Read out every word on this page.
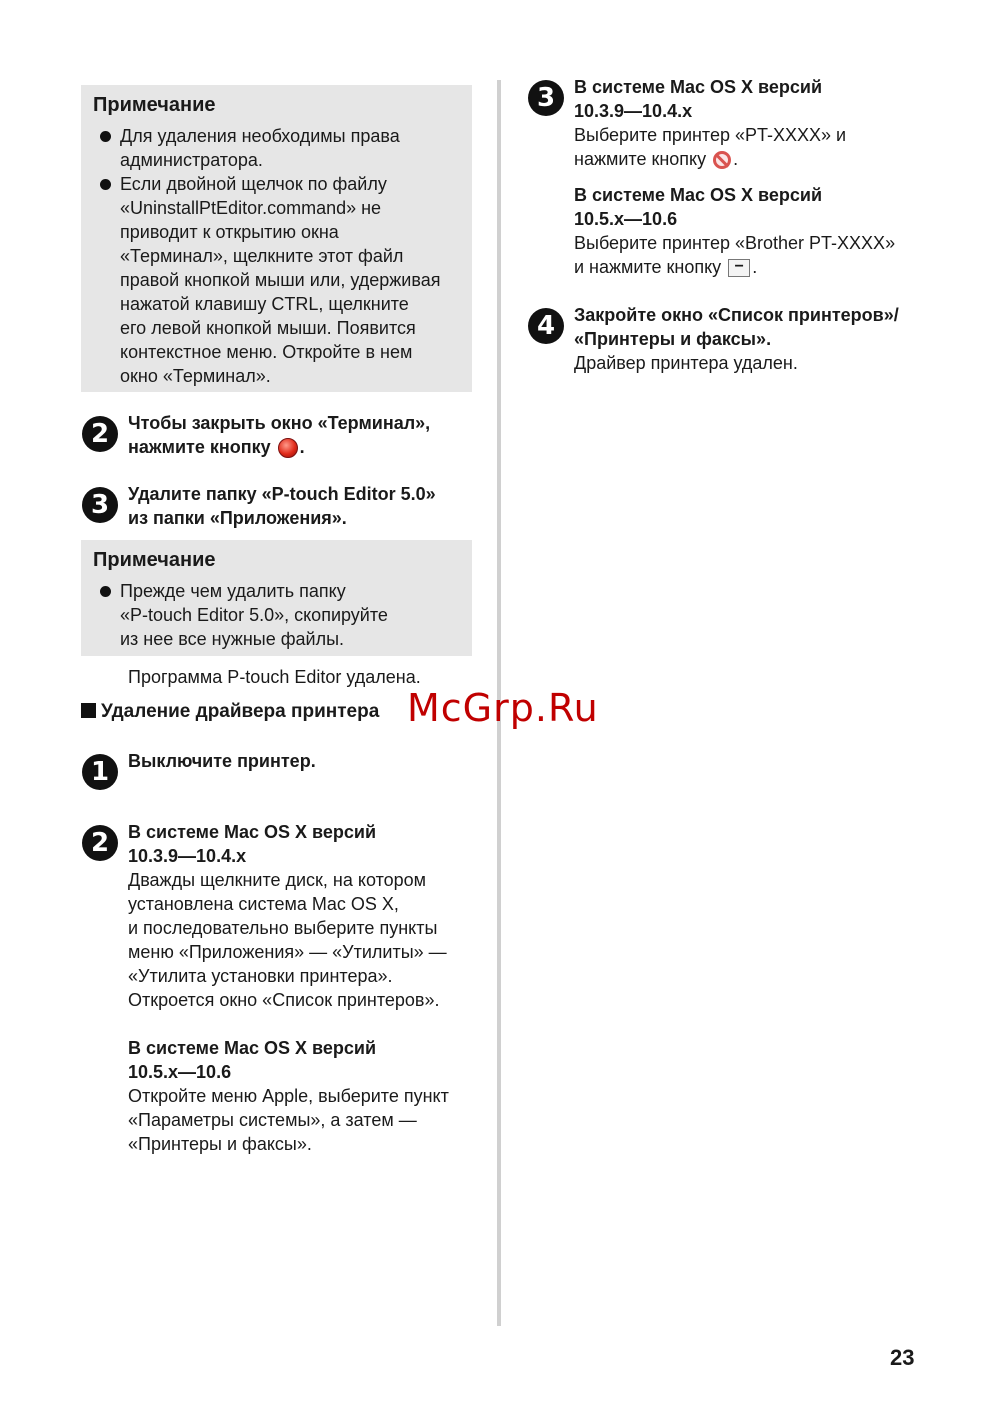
Примечание
Для удаления необходимы права
администратора.
Если двойной щелчок по файлу
«UninstallPtEditor.command» не
приводит к открытию окна
«Терминал», щелкните этот файл
правой кнопкой мыши или, удерживая
нажатой клавишу CTRL, щелкните
его левой кнопкой мыши. Появится
контекстное меню. Откройте в нем
окно «Терминал».
2	Чтобы закрыть окно «Терминал»,
нажмите кнопку .
3	Удалите папку «P-touch Editor 5.0»
из папки «Приложения».
Примечание
Прежде чем удалить папку
«P-touch Editor 5.0», скопируйте
из нее все нужные файлы.
Программа P-touch Editor удалена.
Удаление драйвера принтера
1	Выключите принтер.
2	В системе Mac OS X версий
10.3.9—10.4.x
Дважды щелкните диск, на котором
установлена система Mac OS X,
и последовательно выберите пункты
меню «Приложения» — «Утилиты» —
«Утилита установки принтера».
Откроется окно «Список принтеров».
В системе Mac OS X версий
10.5.x—10.6
Откройте меню Apple, выберите пункт
«Параметры системы», а затем —
«Принтеры и факсы».
3	В системе Mac OS X версий
10.3.9—10.4.x
Выберите принтер «PT-XXXX» и
нажмите кнопку .
В системе Mac OS X версий
10.5.x—10.6
Выберите принтер «Brother PT-XXXX»
и нажмите кнопку − .
4	Закройте окно «Список принтеров»/
«Принтеры и факсы».
Драйвер принтера удален.
McGrp.Ru
23
